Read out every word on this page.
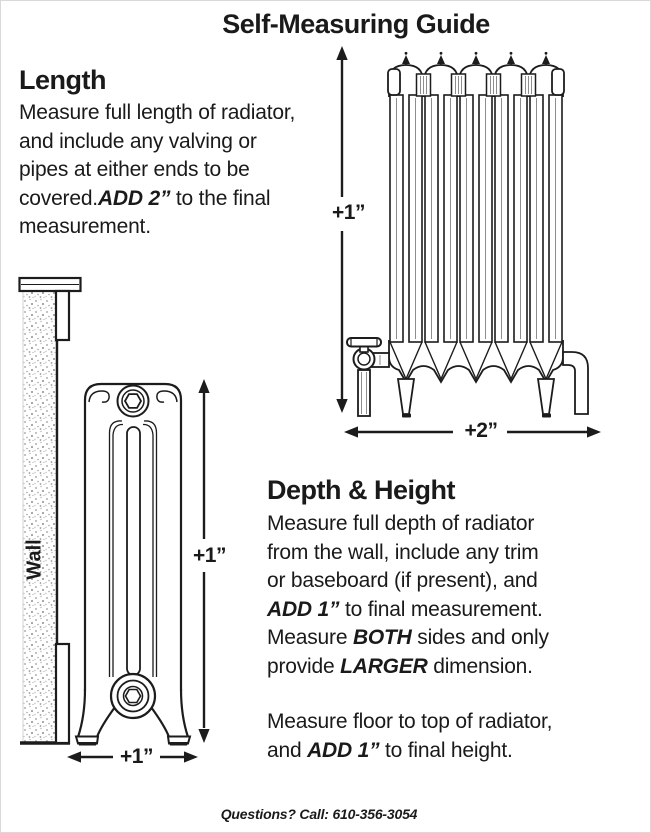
Self-Measuring Guide
Length

Measure full length of radiator,
and include any valving or
pipes at either ends to be
covered.ADD 2” to the final
measurement.

+1”
+2”
+1”
+1”
Wall
Depth & Height

Measure full depth of radiator
from the wall, include any trim
or baseboard (if present), and
ADD 1” to final measurement.
Measure BOTH sides and only
provide LARGER dimension.

Measure floor to top of radiator,
and ADD 1” to final height.

Questions? Call: 610-356-3054
